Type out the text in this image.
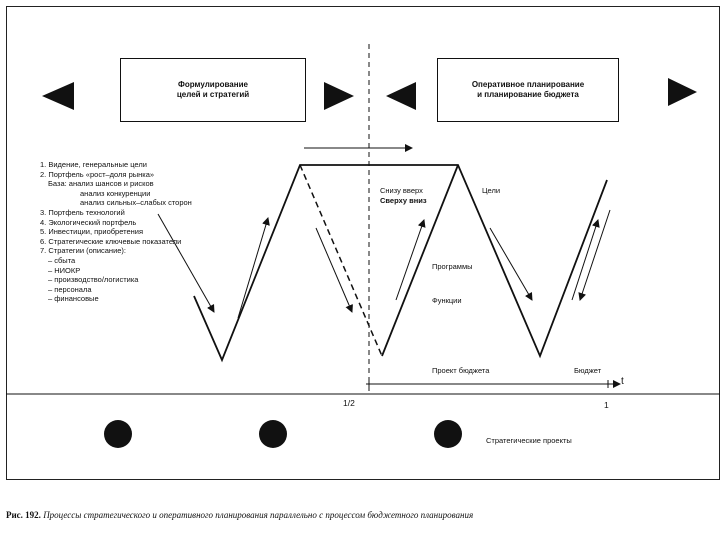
Формулирование
целей и стратегий
Оперативное планирование
и планирование бюджета
1. Видение, генеральные цели
2. Портфель «рост–доля рынка»
База: анализ шансов и рисков
анализ конкуренции
анализ сильных–слабых сторон
3. Портфель технологий
4. Экологический портфель
5. Инвестиции, приобретения
6. Стратегические ключевые показатели
7. Стратегии (описание):
– сбыта
– НИОКР
– производство/логистика
– персонала
– финансовые
Снизу вверх
Сверху вниз
Цели
Программы
Функции
Проект бюджета	Бюджет
t
1/2	1
Стратегические проекты
Рис. 192. Процессы стратегического и оперативного планирования параллельно с процессом бюджетного планирования
